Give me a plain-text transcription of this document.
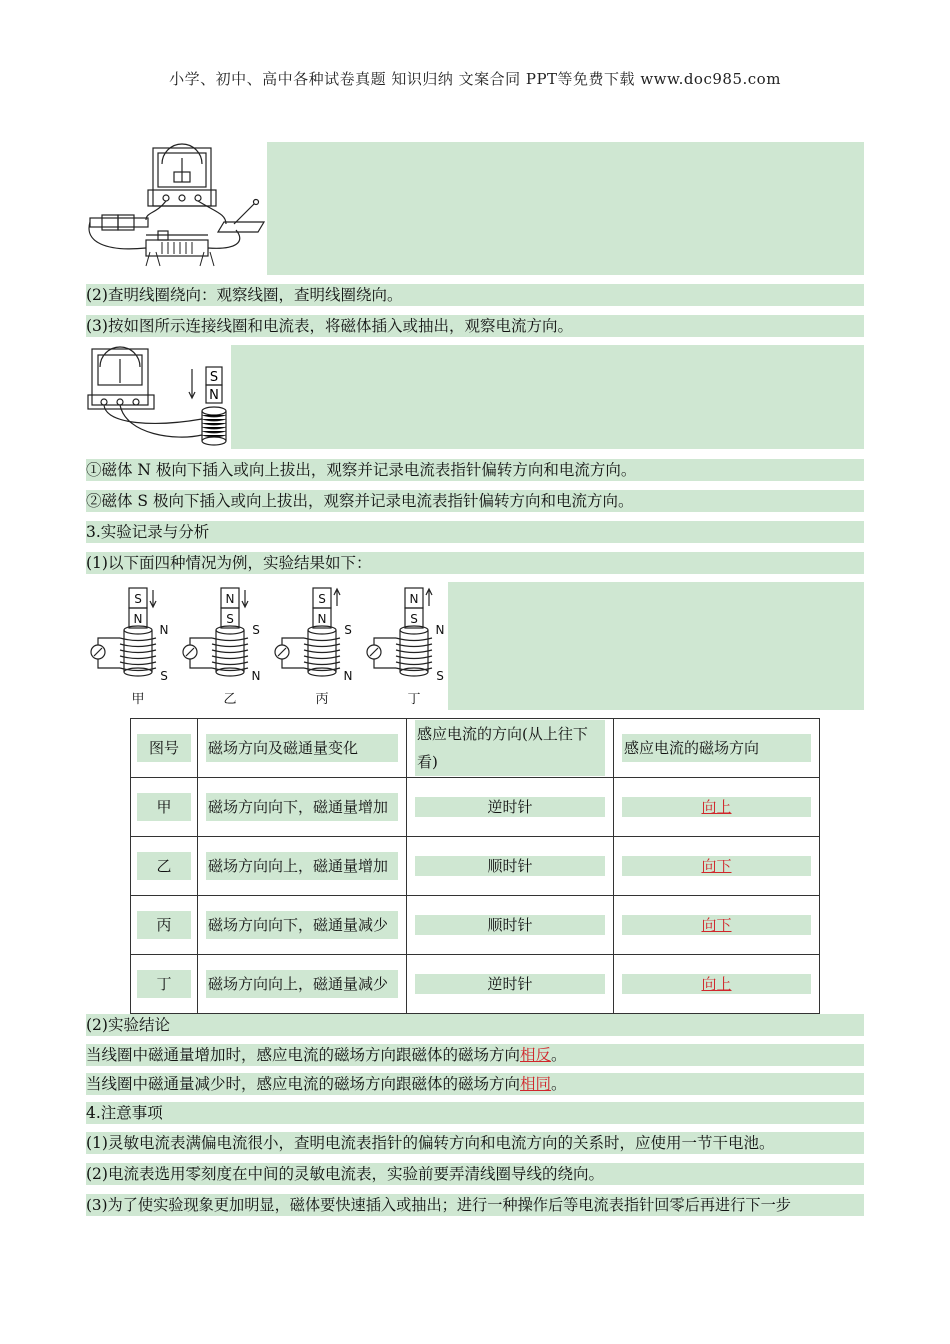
小学、初中、高中各种试卷真题 知识归纳 文案合同 PPT等免费下载 www.doc985.com
(2)查明线圈绕向：观察线圈，查明线圈绕向。
(3)按如图所示连接线圈和电流表，将磁体插入或抽出，观察电流方向。
S
N
①磁体 N 极向下插入或向上拔出，观察并记录电流表指针偏转方向和电流方向。
②磁体 S 极向下插入或向上拔出，观察并记录电流表指针偏转方向和电流方向。
3.实验记录与分析
(1)以下面四种情况为例，实验结果如下：
S
N
N
S
甲
N
S
S
N
乙
S
N
S
N
丙
N
S
N
S
丁
图号	磁场方向及磁通量变化	感应电流的方向(从上往下看)	感应电流的磁场方向

甲	磁场方向向下，磁通量增加	逆时针	向上

乙	磁场方向向上，磁通量增加	顺时针	向下

丙	磁场方向向下，磁通量减少	顺时针	向下

丁	磁场方向向上，磁通量减少	逆时针	向上
(2)实验结论
当线圈中磁通量增加时，感应电流的磁场方向跟磁体的磁场方向相反。
当线圈中磁通量减少时，感应电流的磁场方向跟磁体的磁场方向相同。
4.注意事项
(1)灵敏电流表满偏电流很小，查明电流表指针的偏转方向和电流方向的关系时，应使用一节干电池。
(2)电流表选用零刻度在中间的灵敏电流表，实验前要弄清线圈导线的绕向。
(3)为了使实验现象更加明显，磁体要快速插入或抽出；进行一种操作后等电流表指针回零后再进行下一步
